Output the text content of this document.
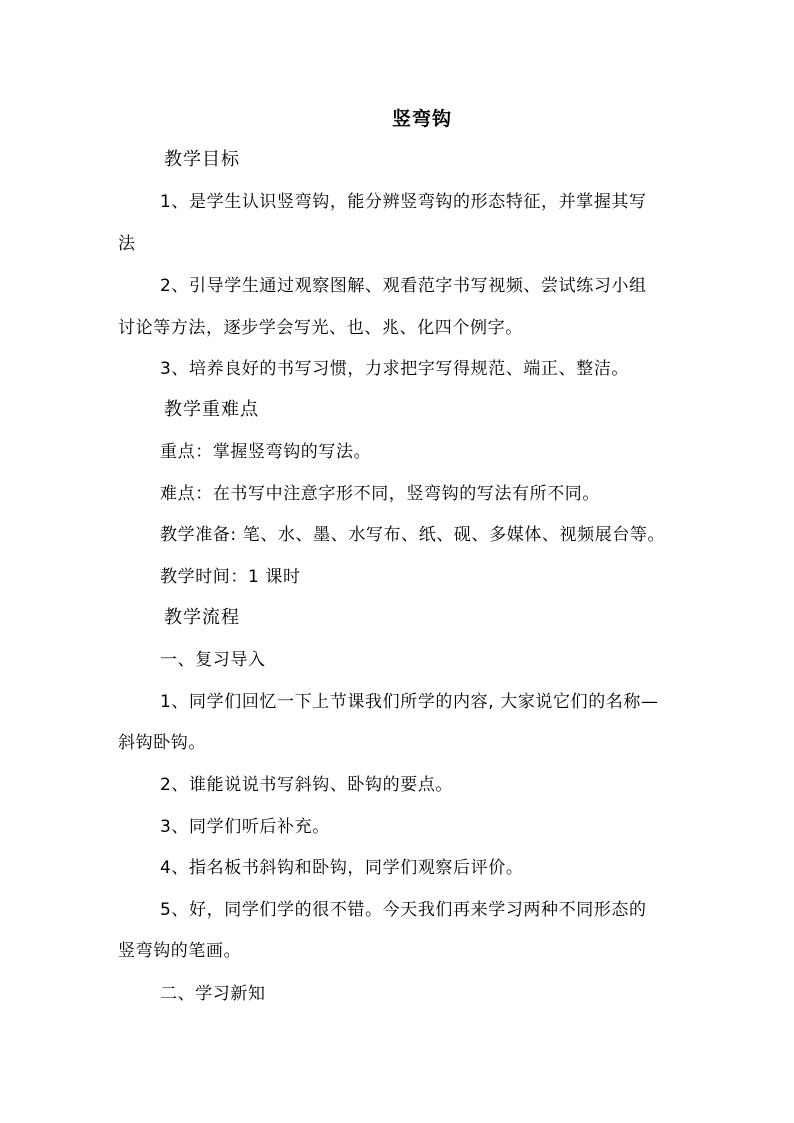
竖弯钩
教学目标
1、是学生认识竖弯钩，能分辨竖弯钩的形态特征，并掌握其写
法
2、引导学生通过观察图解、观看范字书写视频、尝试练习小组
讨论等方法，逐步学会写光、也、兆、化四个例字。
3、培养良好的书写习惯，力求把字写得规范、端正、整洁。
教学重难点
重点：掌握竖弯钩的写法。
难点：在书写中注意字形不同，竖弯钩的写法有所不同。
教学准备: 笔、水、墨、水写布、纸、砚、多媒体、视频展台等。
教学时间：1 课时
教学流程
一、复习导入
1、同学们回忆一下上节课我们所学的内容, 大家说它们的名称—
斜钩卧钩。
2、谁能说说书写斜钩、卧钩的要点。
3、同学们听后补充。
4、指名板书斜钩和卧钩，同学们观察后评价。
5、好，同学们学的很不错。今天我们再来学习两种不同形态的
竖弯钩的笔画。
二、学习新知
